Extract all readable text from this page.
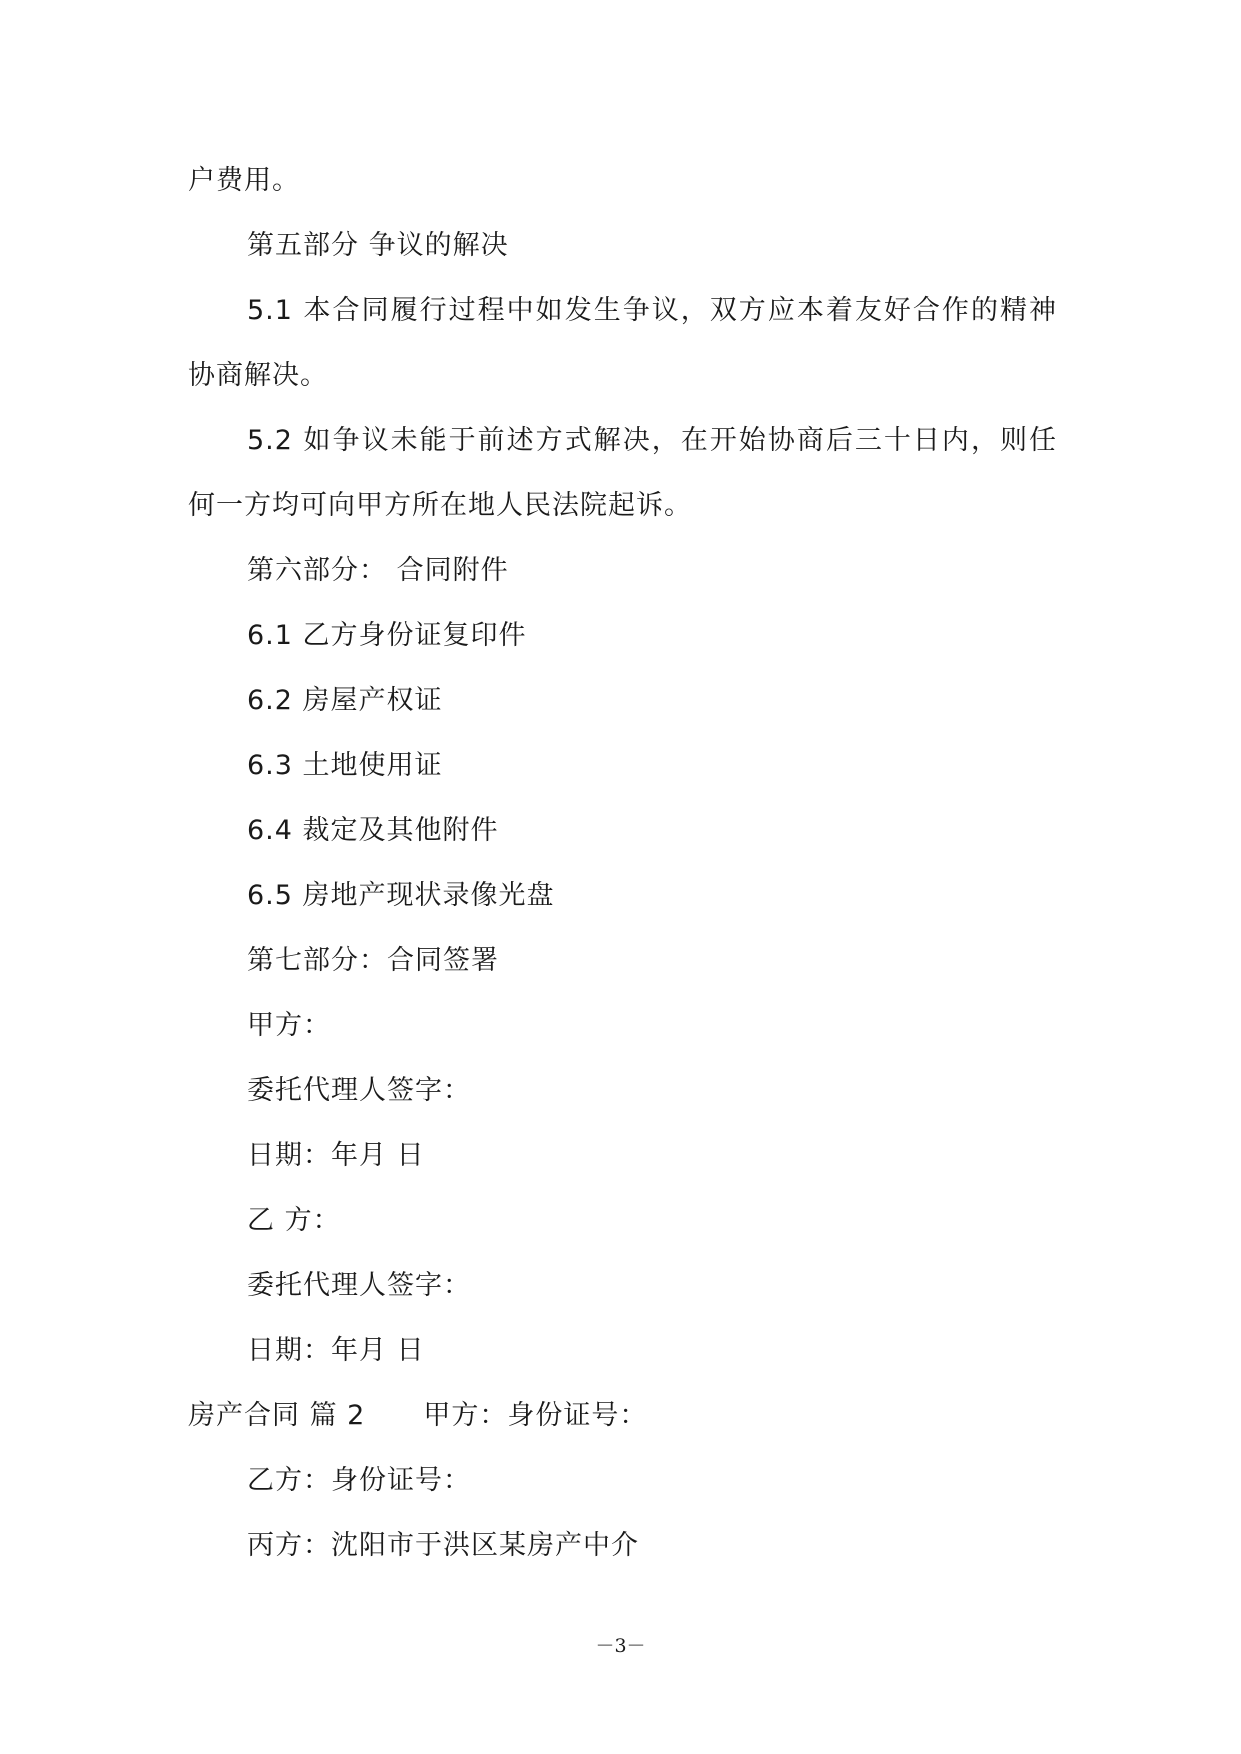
户费用。
第五部分 争议的解决
5.1 本合同履行过程中如发生争议，双方应本着友好合作的精神
协商解决。
5.2 如争议未能于前述方式解决，在开始协商后三十日内，则任
何一方均可向甲方所在地人民法院起诉。
第六部分： 合同附件
6.1 乙方身份证复印件
6.2 房屋产权证
6.3 土地使用证
6.4 裁定及其他附件
6.5 房地产现状录像光盘
第七部分：合同签署
甲方：
委托代理人签字：
日期：年月 日
乙 方：
委托代理人签字：
日期：年月 日
房产合同 篇 2 甲方：身份证号：
乙方：身份证号：
丙方：沈阳市于洪区某房产中介
－3－
